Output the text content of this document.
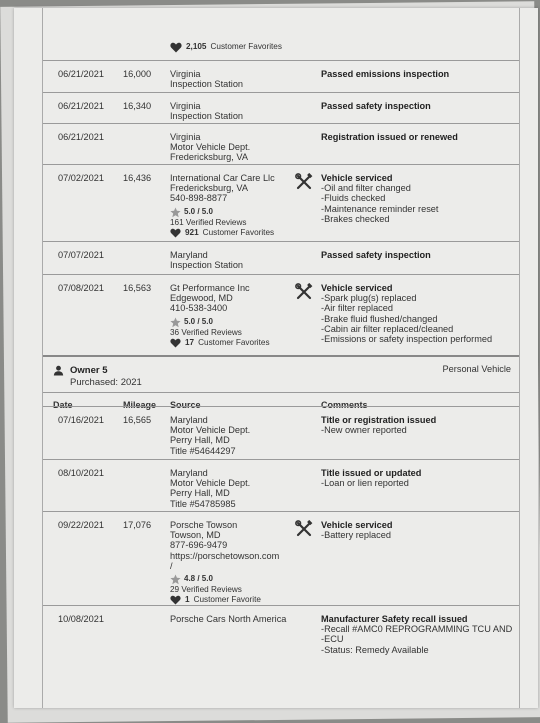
2,105 Customer Favorites
06/21/2021 16,000 Virginia
Inspection Station
Passed emissions inspection
06/21/2021 16,340 Virginia
Inspection Station
Passed safety inspection
06/21/2021	Virginia
Motor Vehicle Dept.
Fredericksburg, VA
Registration issued or renewed
07/02/2021 16,436 International Car Care Llc
Fredericksburg, VA
540-898-8877
5.0 / 5.0
161 Verified Reviews
921 Customer Favorites
Vehicle serviced
-Oil and filter changed
-Fluids checked
-Maintenance reminder reset
-Brakes checked
07/07/2021	Maryland
Inspection Station
Passed safety inspection
07/08/2021 16,563 Gt Performance Inc
Edgewood, MD
410-538-3400
5.0 / 5.0
36 Verified Reviews
17 Customer Favorites
Vehicle serviced
-Spark plug(s) replaced
-Air filter replaced
-Brake fluid flushed/changed
-Cabin air filter replaced/cleaned
-Emissions or safety inspection performed
Owner 5
Purchased: 2021
Personal Vehicle
Date	Mileage Source	Comments
07/16/2021 16,565 Maryland
Motor Vehicle Dept.
Perry Hall, MD
Title #54644297
Title or registration issued
-New owner reported
08/10/2021	Maryland
Motor Vehicle Dept.
Perry Hall, MD
Title #54785985
Title issued or updated
-Loan or lien reported
09/22/2021 17,076 Porsche Towson
Towson, MD
877-696-9479
https://porschetowson.com
/
4.8 / 5.0
29 Verified Reviews
1 Customer Favorite
Vehicle serviced
-Battery replaced
10/08/2021	Porsche Cars North America	Manufacturer Safety recall issued
-Recall #AMC0 REPROGRAMMING TCU AND
-ECU
-Status: Remedy Available
